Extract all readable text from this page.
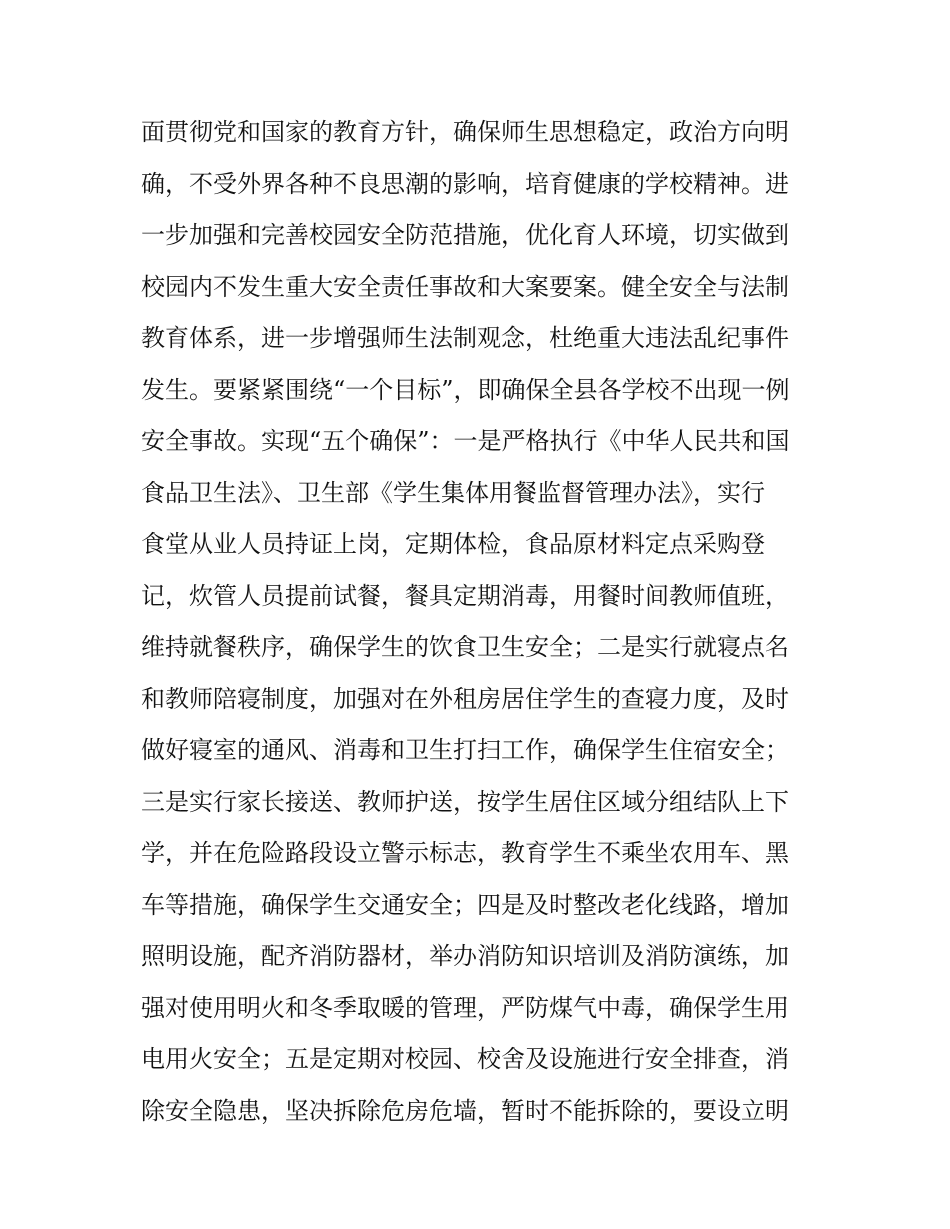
面贯彻党和国家的教育方针，确保师生思想稳定，政治方向明
确，不受外界各种不良思潮的影响，培育健康的学校精神。进
一步加强和完善校园安全防范措施，优化育人环境，切实做到
校园内不发生重大安全责任事故和大案要案。健全安全与法制
教育体系，进一步增强师生法制观念，杜绝重大违法乱纪事件
发生。要紧紧围绕“一个目标”，即确保全县各学校不出现一例
安全事故。实现“五个确保”：一是严格执行《中华人民共和国
食品卫生法》、卫生部《学生集体用餐监督管理办法》，实行
食堂从业人员持证上岗，定期体检，食品原材料定点采购登
记，炊管人员提前试餐，餐具定期消毒，用餐时间教师值班，
维持就餐秩序，确保学生的饮食卫生安全；二是实行就寝点名
和教师陪寝制度，加强对在外租房居住学生的查寝力度，及时
做好寝室的通风、消毒和卫生打扫工作，确保学生住宿安全；
三是实行家长接送、教师护送，按学生居住区域分组结队上下
学，并在危险路段设立警示标志，教育学生不乘坐农用车、黑
车等措施，确保学生交通安全；四是及时整改老化线路，增加
照明设施，配齐消防器材，举办消防知识培训及消防演练，加
强对使用明火和冬季取暖的管理，严防煤气中毒，确保学生用
电用火安全；五是定期对校园、校舍及设施进行安全排查，消
除安全隐患，坚决拆除危房危墙，暂时不能拆除的，要设立明
